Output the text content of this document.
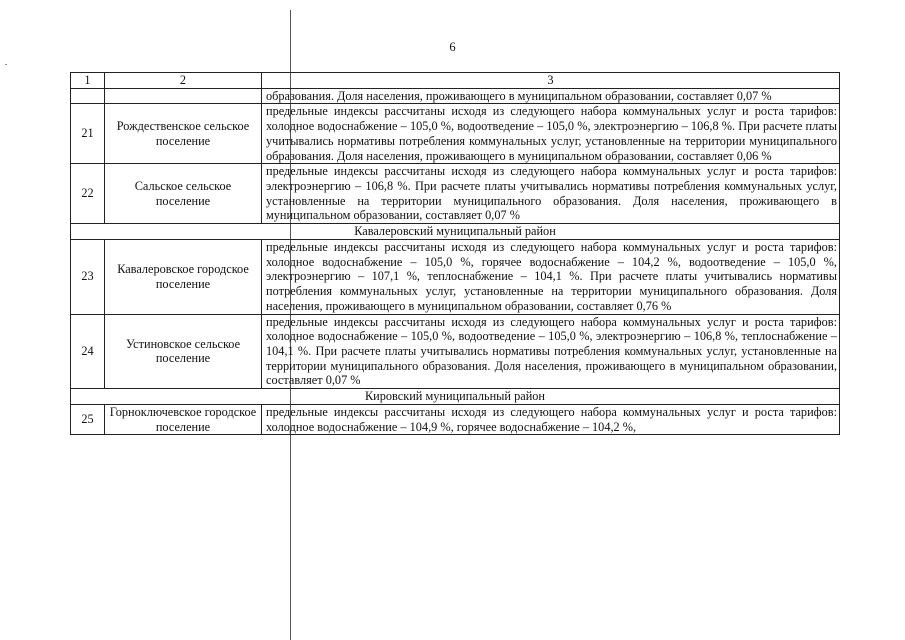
6
1	2	3
		образования. Доля населения, проживающего в муниципальном образовании, составляет 0,07 %
21	Рождественское сельское поселение	предельные индексы рассчитаны исходя из следующего набора коммунальных услуг и роста тарифов: холодное водоснабжение – 105,0 %, водоотведение – 105,0 %, электроэнергию – 106,8 %. При расчете платы учитывались нормативы потребления коммунальных услуг, установленные на территории муниципального образования. Доля населения, проживающего в муниципальном образовании, составляет 0,06 %
22	Сальское сельское поселение	предельные индексы рассчитаны исходя из следующего набора коммунальных услуг и роста тарифов: электроэнергию – 106,8 %. При расчете платы учитывались нормативы потребления коммунальных услуг, установленные на территории муниципального образования. Доля населения, проживающего в муниципальном образовании, составляет 0,07 %
Кавалеровский муниципальный район		
23	Кавалеровское городское поселение	предельные индексы рассчитаны исходя из следующего набора коммунальных услуг и роста тарифов: холодное водоснабжение – 105,0 %, горячее водоснабжение – 104,2 %, водоотведение – 105,0 %, электроэнергию – 107,1 %, теплоснабжение – 104,1 %. При расчете платы учитывались нормативы потребления коммунальных услуг, установленные на территории муниципального образования. Доля населения, проживающего в муниципальном образовании, составляет 0,76 %
24	Устиновское сельское поселение	предельные индексы рассчитаны исходя из следующего набора коммунальных услуг и роста тарифов: холодное водоснабжение – 105,0 %, водоотведение – 105,0 %, электроэнергию – 106,8 %, теплоснабжение – 104,1 %. При расчете платы учитывались нормативы потребления коммунальных услуг, установленные на территории муниципального образования. Доля населения, проживающего в муниципальном образовании, составляет 0,07 %
Кировский муниципальный район		
25	Горноключевское городское поселение	предельные индексы рассчитаны исходя из следующего набора коммунальных услуг и роста тарифов: холодное водоснабжение – 104,9 %, горячее водоснабжение – 104,2 %,
